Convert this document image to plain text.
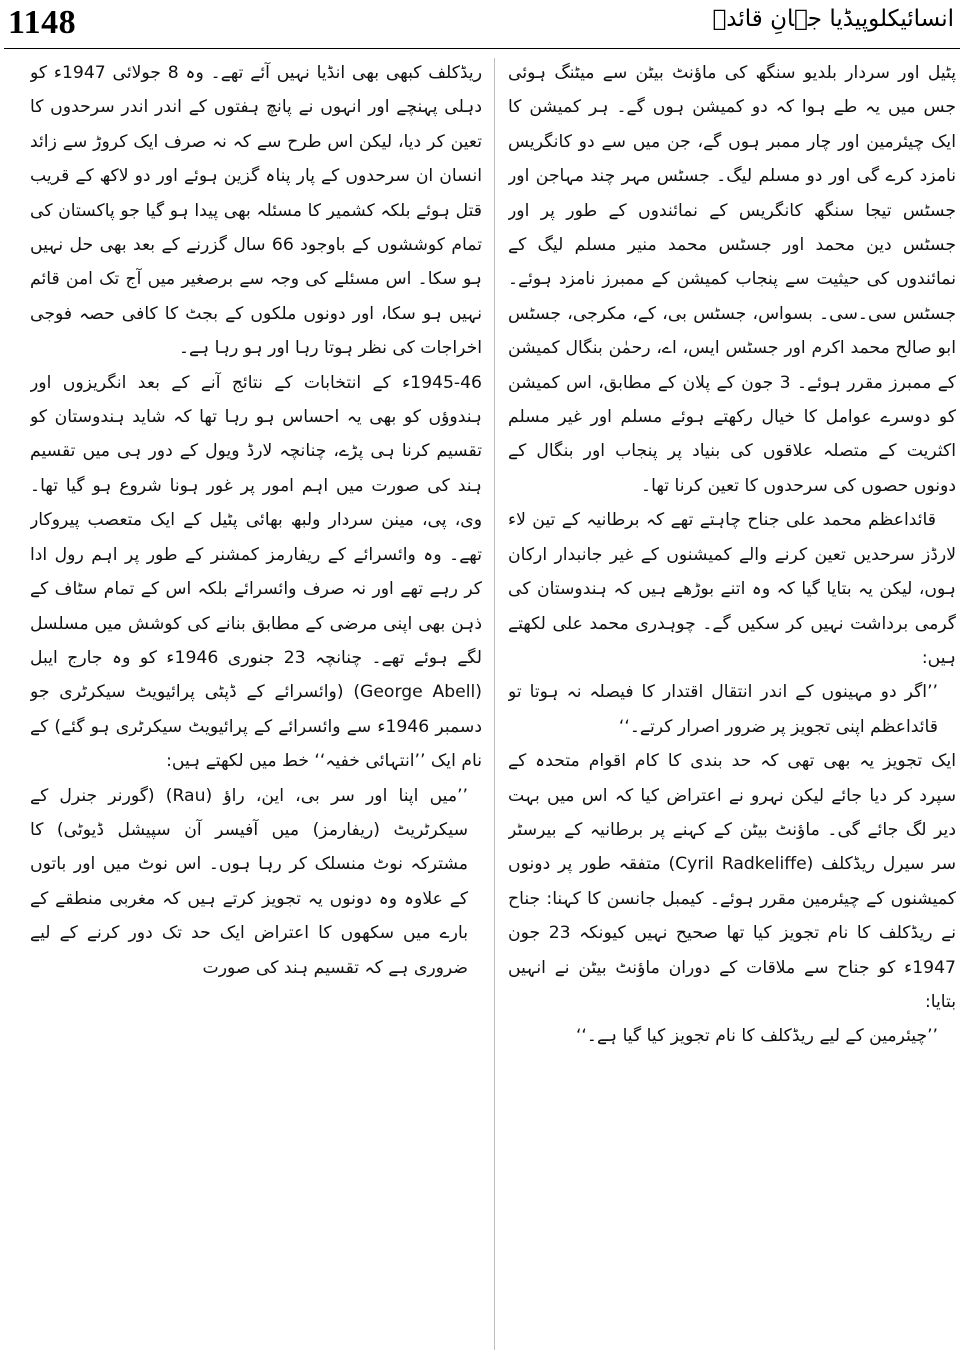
1148	انسائیکلوپیڈیا جہانِ قائدؒ

پٹیل اور سردار بلدیو سنگھ کی ماؤنٹ بیٹن سے میٹنگ ہوئی جس میں یہ طے ہوا کہ دو کمیشن ہوں گے۔ ہر کمیشن کا ایک چیئرمین اور چار ممبر ہوں گے، جن میں سے دو کانگریس نامزد کرے گی اور دو مسلم لیگ۔ جسٹس مہر چند مہاجن اور جسٹس تیجا سنگھ کانگریس کے نمائندوں کے طور پر اور جسٹس دین محمد اور جسٹس محمد منیر مسلم لیگ کے نمائندوں کی حیثیت سے پنجاب کمیشن کے ممبرز نامزد ہوئے۔ جسٹس سی۔سی۔ بسواس، جسٹس بی، کے، مکرجی، جسٹس ابو صالح محمد اکرم اور جسٹس ایس، اے، رحمٰن بنگال کمیشن کے ممبرز مقرر ہوئے۔ 3 جون کے پلان کے مطابق، اس کمیشن کو دوسرے عوامل کا خیال رکھتے ہوئے مسلم اور غیر مسلم اکثریت کے متصلہ علاقوں کی بنیاد پر پنجاب اور بنگال کے دونوں حصوں کی سرحدوں کا تعین کرنا تھا۔

قائداعظم محمد علی جناح چاہتے تھے کہ برطانیہ کے تین لاء لارڈز سرحدیں تعین کرنے والے کمیشنوں کے غیر جانبدار ارکان ہوں، لیکن یہ بتایا گیا کہ وہ اتنے بوڑھے ہیں کہ ہندوستان کی گرمی برداشت نہیں کر سکیں گے۔ چوہدری محمد علی لکھتے ہیں:

’’اگر دو مہینوں کے اندر انتقال اقتدار کا فیصلہ نہ ہوتا تو قائداعظم اپنی تجویز پر ضرور اصرار کرتے۔‘‘

ایک تجویز یہ بھی تھی کہ حد بندی کا کام اقوام متحدہ کے سپرد کر دیا جائے لیکن نہرو نے اعتراض کیا کہ اس میں بہت دیر لگ جائے گی۔ ماؤنٹ بیٹن کے کہنے پر برطانیہ کے بیرسٹر سر سیرل ریڈکلف (Cyril Radkeliffe) متفقہ طور پر دونوں کمیشنوں کے چیئرمین مقرر ہوئے۔ کیمبل جانسن کا کہنا: جناح نے ریڈکلف کا نام تجویز کیا تھا صحیح نہیں کیونکہ 23 جون 1947ء کو جناح سے ملاقات کے دوران ماؤنٹ بیٹن نے انہیں بتایا:

’’چیئرمین کے لیے ریڈکلف کا نام تجویز کیا گیا ہے۔‘‘

ریڈکلف کبھی بھی انڈیا نہیں آئے تھے۔ وہ 8 جولائی 1947ء کو دہلی پہنچے اور انہوں نے پانچ ہفتوں کے اندر اندر سرحدوں کا تعین کر دیا، لیکن اس طرح سے کہ نہ صرف ایک کروڑ سے زائد انسان ان سرحدوں کے پار پناہ گزین ہوئے اور دو لاکھ کے قریب قتل ہوئے بلکہ کشمیر کا مسئلہ بھی پیدا ہو گیا جو پاکستان کی تمام کوششوں کے باوجود 66 سال گزرنے کے بعد بھی حل نہیں ہو سکا۔ اس مسئلے کی وجہ سے برصغیر میں آج تک امن قائم نہیں ہو سکا، اور دونوں ملکوں کے بجٹ کا کافی حصہ فوجی اخراجات کی نظر ہوتا رہا اور ہو رہا ہے۔

1945-46ء کے انتخابات کے نتائج آنے کے بعد انگریزوں اور ہندوؤں کو بھی یہ احساس ہو رہا تھا کہ شاید ہندوستان کو تقسیم کرنا ہی پڑے، چنانچہ لارڈ ویول کے دور ہی میں تقسیم ہند کی صورت میں اہم امور پر غور ہونا شروع ہو گیا تھا۔ وی، پی، مینن سردار ولبھ بھائی پٹیل کے ایک متعصب پیروکار تھے۔ وہ وائسرائے کے ریفارمز کمشنر کے طور پر اہم رول ادا کر رہے تھے اور نہ صرف وائسرائے بلکہ اس کے تمام سٹاف کے ذہن بھی اپنی مرضی کے مطابق بنانے کی کوشش میں مسلسل لگے ہوئے تھے۔ چنانچہ 23 جنوری 1946ء کو وہ جارج ایبل (George Abell) (وائسرائے کے ڈپٹی پرائیویٹ سیکرٹری جو دسمبر 1946ء سے وائسرائے کے پرائیویٹ سیکرٹری ہو گئے) کے نام ایک ’’انتہائی خفیہ‘‘ خط میں لکھتے ہیں:

’’میں اپنا اور سر بی، این، راؤ (Rau) (گورنر جنرل کے سیکرٹریٹ (ریفارمز) میں آفیسر آن سپیشل ڈیوٹی) کا مشترکہ نوٹ منسلک کر رہا ہوں۔ اس نوٹ میں اور باتوں کے علاوہ وہ دونوں یہ تجویز کرتے ہیں کہ مغربی منطقے کے بارے میں سکھوں کا اعتراض ایک حد تک دور کرنے کے لیے ضروری ہے کہ تقسیم ہند کی صورت
